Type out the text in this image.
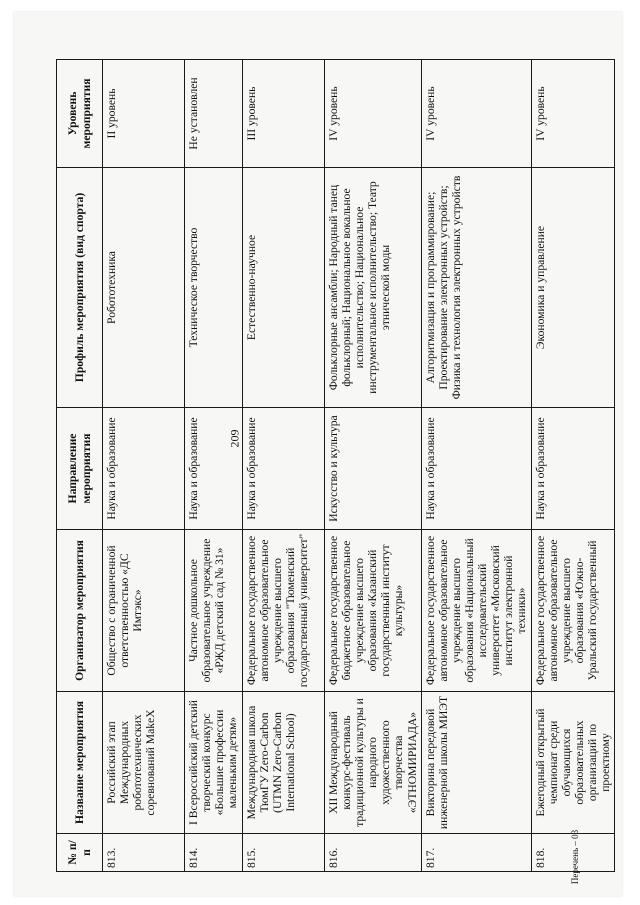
209
№ п/п	Название мероприятия	Организатор мероприятия	Направление мероприятия	Профиль мероприятия (вид спорта)	Уровень мероприятия
813.	Российский этап Международных робототехнических соревнований MakeX	Общество с ограниченной ответственностью «ДС Имтэкс»	Наука и образование	Робототехника	II уровень
814.	I Всероссийский детский творческий конкурс «Большие профессии маленьким детям»	Частное дошкольное образовательное учреждение «РЖД детский сад № 31»	Наука и образование	Техническое творчество	Не установлен
815.	Международная школа ТюмГУ Zero-Carbon (UTMN Zero-Carbon International School)	Федеральное государственное автономное образовательное учреждение высшего образования "Тюменский государственный университет"	Наука и образование	Естественно-научное	III уровень
816.	XII Международный конкурс-фестиваль традиционной культуры и народного художественного творчества «ЭТНОМИРИАДА»	Федеральное государственное бюджетное образовательное учреждение высшего образования «Казанский государственный институт культуры»	Искусство и культура	Фольклорные ансамбли; Народный танец фольклорный; Национальное вокальное исполнительство; Национальное инструментальное исполнительство; Театр этнической моды	IV уровень
817.	Викторина передовой инженерной школы МИЭТ	Федеральное государственное автономное образовательное учреждение высшего образования «Национальный исследовательский университет «Московский институт электронной техники»	Наука и образование	Алгоритмизация и программирование; Проектирование электронных устройств; Физика и технология электронных устройств	IV уровень
818.	Ежегодный открытый чемпионат среди обучающихся образовательных организаций по проектному	Федеральное государственное автономное образовательное учреждение высшего образования «Южно-Уральский государственный	Наука и образование	Экономика и управление	IV уровень
Перечень – 03
